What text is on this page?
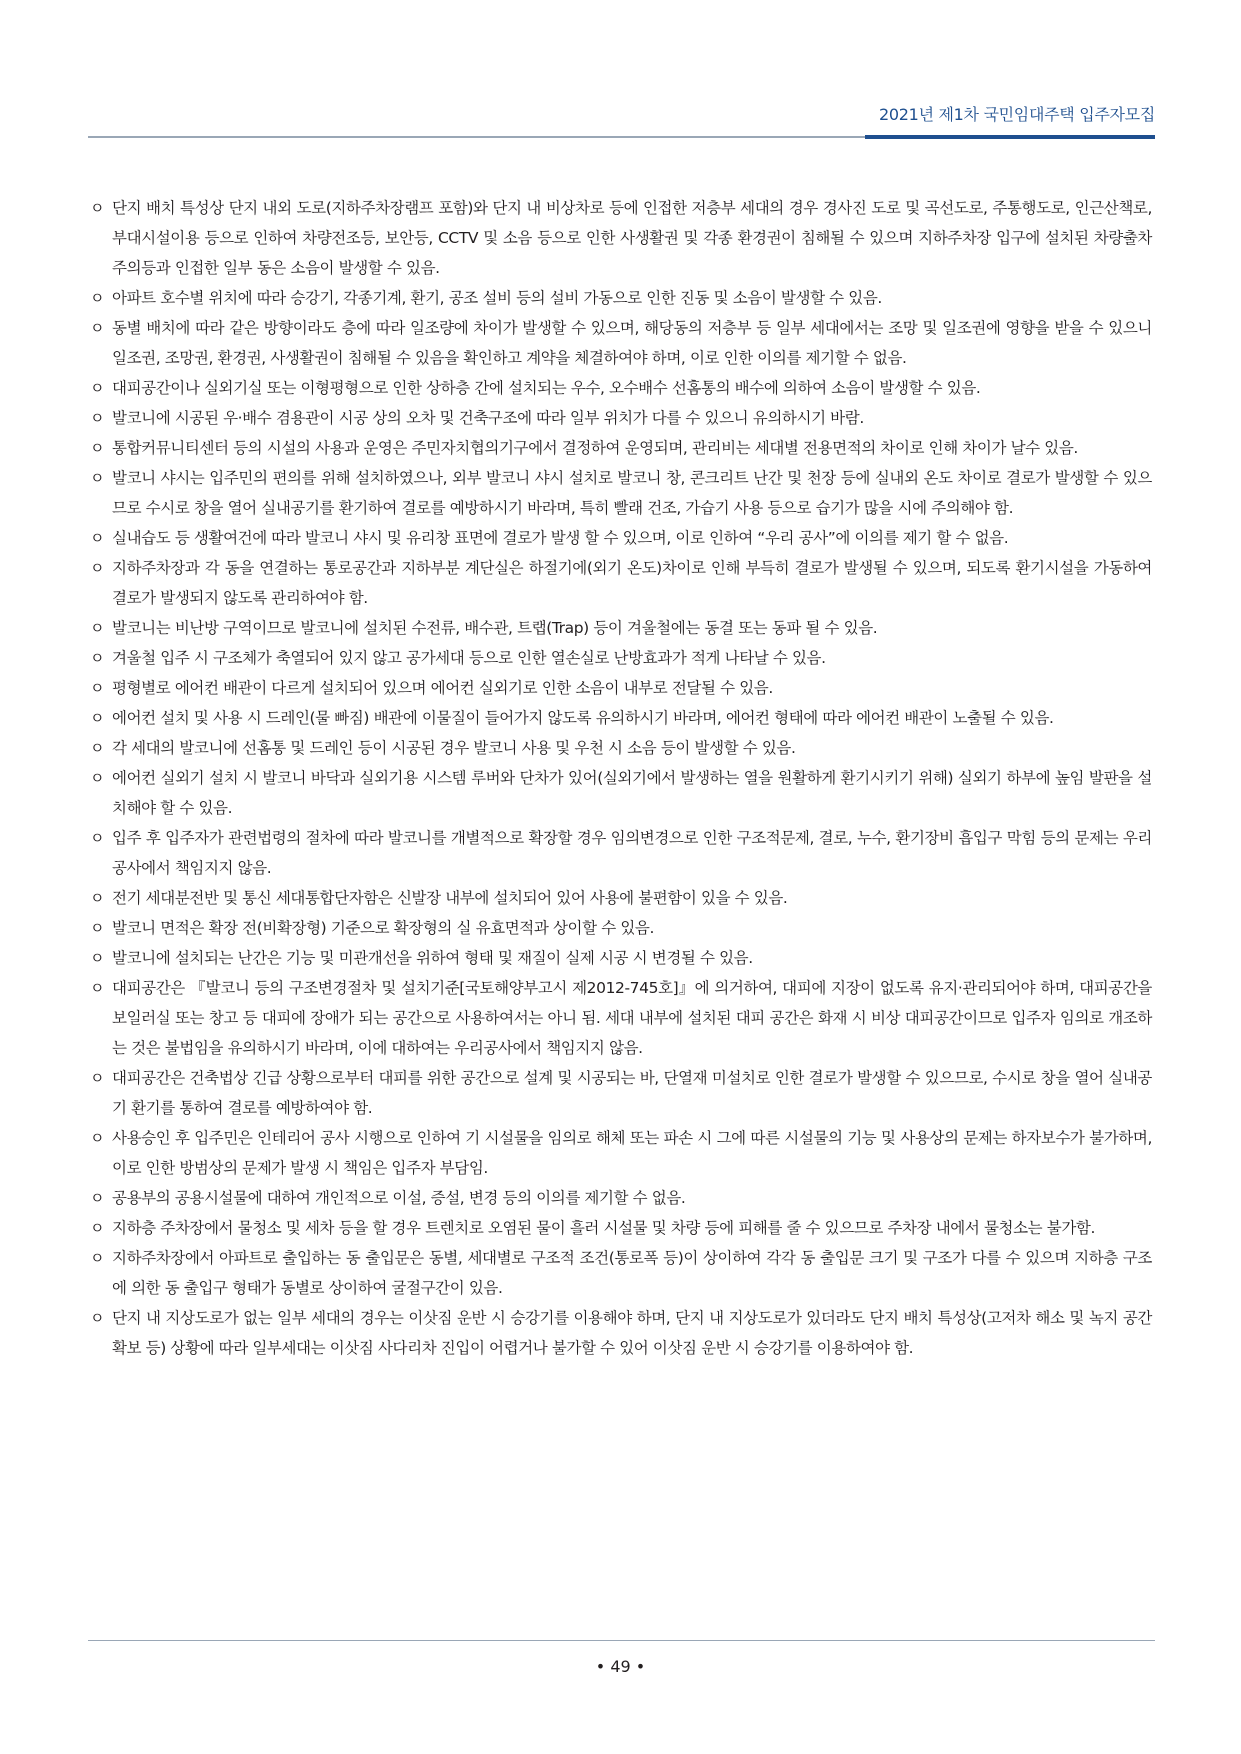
2021년 제1차 국민임대주택 입주자모집
ㅇ 단지 배치 특성상 단지 내외 도로(지하주차장램프 포함)와 단지 내 비상차로 등에 인접한 저층부 세대의 경우 경사진 도로 및 곡선도로, 주통행도로, 인근산책로, 부대시설이용 등으로 인하여 차량전조등, 보안등, CCTV 및 소음 등으로 인한 사생활권 및 각종 환경권이 침해될 수 있으며 지하주차장 입구에 설치된 차량출차 주의등과 인접한 일부 동은 소음이 발생할 수 있음.
ㅇ 아파트 호수별 위치에 따라 승강기, 각종기계, 환기, 공조 설비 등의 설비 가동으로 인한 진동 및 소음이 발생할 수 있음.
ㅇ 동별 배치에 따라 같은 방향이라도 층에 따라 일조량에 차이가 발생할 수 있으며, 해당동의 저층부 등 일부 세대에서는 조망 및 일조권에 영향을 받을 수 있으니 일조권, 조망권, 환경권, 사생활권이 침해될 수 있음을 확인하고 계약을 체결하여야 하며, 이로 인한 이의를 제기할 수 없음.
ㅇ 대피공간이나 실외기실 또는 이형평형으로 인한 상하층 간에 설치되는 우수, 오수배수 선홈통의 배수에 의하여 소음이 발생할 수 있음.
ㅇ 발코니에 시공된 우·배수 겸용관이 시공 상의 오차 및 건축구조에 따라 일부 위치가 다를 수 있으니 유의하시기 바람.
ㅇ 통합커뮤니티센터 등의 시설의 사용과 운영은 주민자치협의기구에서 결정하여 운영되며, 관리비는 세대별 전용면적의 차이로 인해 차이가 날수 있음.
ㅇ 발코니 샤시는 입주민의 편의를 위해 설치하였으나, 외부 발코니 샤시 설치로 발코니 창, 콘크리트 난간 및 천장 등에 실내외 온도 차이로 결로가 발생할 수 있으므로 수시로 창을 열어 실내공기를 환기하여 결로를 예방하시기 바라며, 특히 빨래 건조, 가습기 사용 등으로 습기가 많을 시에 주의해야 함.
ㅇ 실내습도 등 생활여건에 따라 발코니 샤시 및 유리창 표면에 결로가 발생 할 수 있으며, 이로 인하여 “우리 공사”에 이의를 제기 할 수 없음.
ㅇ 지하주차장과 각 동을 연결하는 통로공간과 지하부분 계단실은 하절기에(외기 온도)차이로 인해 부득히 결로가 발생될 수 있으며, 되도록 환기시설을 가동하여 결로가 발생되지 않도록 관리하여야 함.
ㅇ 발코니는 비난방 구역이므로 발코니에 설치된 수전류, 배수관, 트랩(Trap) 등이 겨울철에는 동결 또는 동파 될 수 있음.
ㅇ 겨울철 입주 시 구조체가 축열되어 있지 않고 공가세대 등으로 인한 열손실로 난방효과가 적게 나타날 수 있음.
ㅇ 평형별로 에어컨 배관이 다르게 설치되어 있으며 에어컨 실외기로 인한 소음이 내부로 전달될 수 있음.
ㅇ 에어컨 설치 및 사용 시 드레인(물 빠짐) 배관에 이물질이 들어가지 않도록 유의하시기 바라며, 에어컨 형태에 따라 에어컨 배관이 노출될 수 있음.
ㅇ 각 세대의 발코니에 선홈통 및 드레인 등이 시공된 경우 발코니 사용 및 우천 시 소음 등이 발생할 수 있음.
ㅇ 에어컨 실외기 설치 시 발코니 바닥과 실외기용 시스템 루버와 단차가 있어(실외기에서 발생하는 열을 원활하게 환기시키기 위해) 실외기 하부에 높임 발판을 설치해야 할 수 있음.
ㅇ 입주 후 입주자가 관련법령의 절차에 따라 발코니를 개별적으로 확장할 경우 임의변경으로 인한 구조적문제, 결로, 누수, 환기장비 흡입구 막힘 등의 문제는 우리공사에서 책임지지 않음.
ㅇ 전기 세대분전반 및 통신 세대통합단자함은 신발장 내부에 설치되어 있어 사용에 불편함이 있을 수 있음.
ㅇ 발코니 면적은 확장 전(비확장형) 기준으로 확장형의 실 유효면적과 상이할 수 있음.
ㅇ 발코니에 설치되는 난간은 기능 및 미관개선을 위하여 형태 및 재질이 실제 시공 시 변경될 수 있음.
ㅇ 대피공간은 『발코니 등의 구조변경절차 및 설치기준[국토해양부고시 제2012-745호]』에 의거하여, 대피에 지장이 없도록 유지·관리되어야 하며, 대피공간을 보일러실 또는 창고 등 대피에 장애가 되는 공간으로 사용하여서는 아니 됨. 세대 내부에 설치된 대피 공간은 화재 시 비상 대피공간이므로 입주자 임의로 개조하는 것은 불법임을 유의하시기 바라며, 이에 대하여는 우리공사에서 책임지지 않음.
ㅇ 대피공간은 건축법상 긴급 상황으로부터 대피를 위한 공간으로 설계 및 시공되는 바, 단열재 미설치로 인한 결로가 발생할 수 있으므로, 수시로 창을 열어 실내공기 환기를 통하여 결로를 예방하여야 함.
ㅇ 사용승인 후 입주민은 인테리어 공사 시행으로 인하여 기 시설물을 임의로 해체 또는 파손 시 그에 따른 시설물의 기능 및 사용상의 문제는 하자보수가 불가하며, 이로 인한 방범상의 문제가 발생 시 책임은 입주자 부담임.
ㅇ 공용부의 공용시설물에 대하여 개인적으로 이설, 증설, 변경 등의 이의를 제기할 수 없음.
ㅇ 지하층 주차장에서 물청소 및 세차 등을 할 경우 트렌치로 오염된 물이 흘러 시설물 및 차량 등에 피해를 줄 수 있으므로 주차장 내에서 물청소는 불가함.
ㅇ 지하주차장에서 아파트로 출입하는 동 출입문은 동별, 세대별로 구조적 조건(통로폭 등)이 상이하여 각각 동 출입문 크기 및 구조가 다를 수 있으며 지하층 구조에 의한 동 출입구 형태가 동별로 상이하여 굴절구간이 있음.
ㅇ 단지 내 지상도로가 없는 일부 세대의 경우는 이삿짐 운반 시 승강기를 이용해야 하며, 단지 내 지상도로가 있더라도 단지 배치 특성상(고저차 해소 및 녹지 공간 확보 등) 상황에 따라 일부세대는 이삿짐 사다리차 진입이 어렵거나 불가할 수 있어 이삿짐 운반 시 승강기를 이용하여야 함.
• 49 •
